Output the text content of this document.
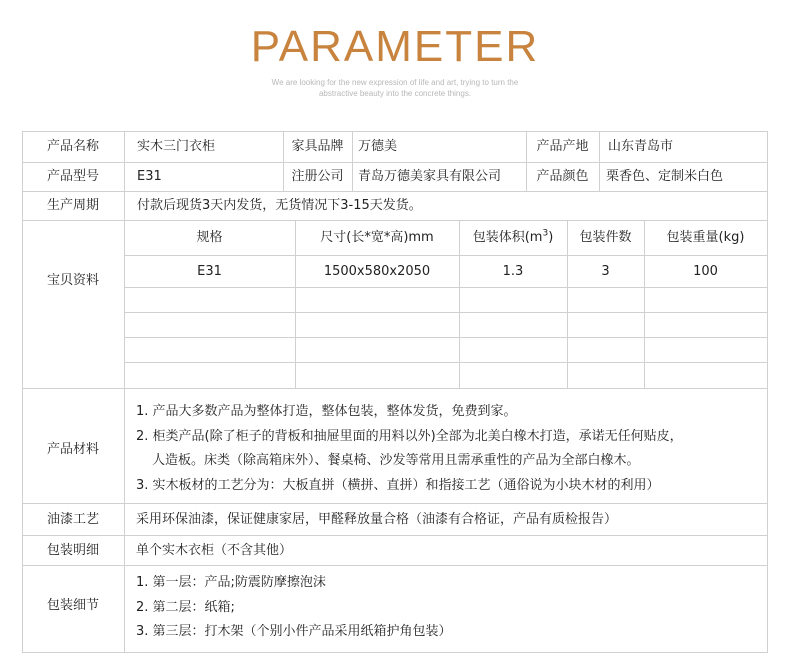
PARAMETER
We are looking for the new expression of life and art, trying to turn the
abstractive beauty into the concrete things.
产品名称	实木三门衣柜	家具品牌	万德美	产品产地	山东青岛市
产品型号	E31	注册公司	青岛万德美家具有限公司	产品颜色	栗香色、定制米白色
生产周期	付款后现货3天内发货，无货情况下3-15天发货。
宝贝资料
规格	尺寸(长*宽*高)mm	包装体积$(m^3)$	包装件数	包装重量(kg)
E31	1500x580x2050	1.3	3	100
产品材料
1. 产品大多数产品为整体打造，整体包装，整体发货，免费到家。
2. 柜类产品(除了柜子的背板和抽屉里面的用料以外)全部为北美白橡木打造，承诺无任何贴皮，
人造板。床类（除高箱床外）、餐桌椅、沙发等常用且需承重性的产品为全部白橡木。
3. 实木板材的工艺分为：大板直拼（横拼、直拼）和指接工艺（通俗说为小块木材的利用）
油漆工艺	采用环保油漆，保证健康家居，甲醛释放量合格（油漆有合格证，产品有质检报告）
包装明细	单个实木衣柜（不含其他）
包装细节
1. 第一层：产品;防震防摩擦泡沫
2. 第二层：纸箱;
3. 第三层：打木架（个别小件产品采用纸箱护角包装）
